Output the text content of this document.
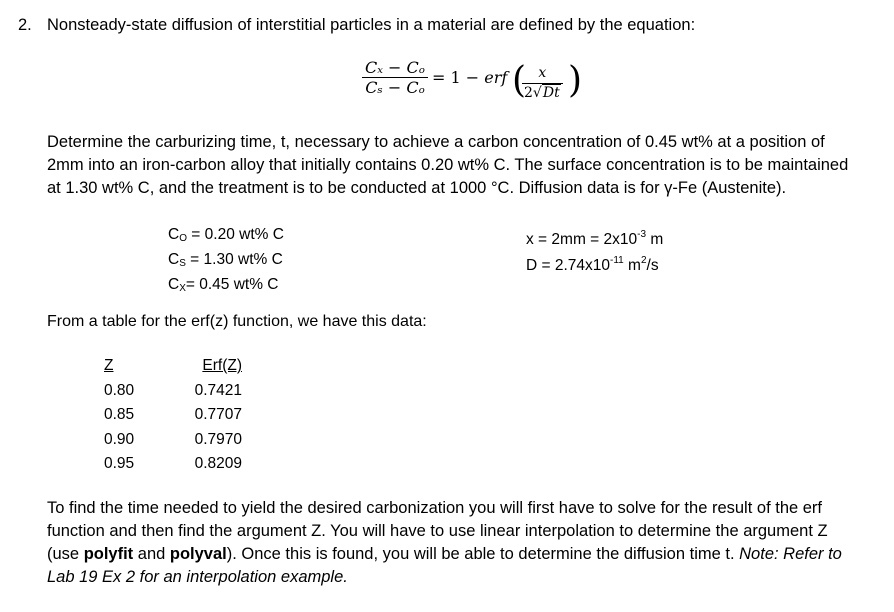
2. Nonsteady-state diffusion of interstitial particles in a material are defined by the equation:
Cₓ − Cₒ
Cₛ − Cₒ
= 1 − erf ( x
2√Dt )
Determine the carburizing time, t, necessary to achieve a carbon concentration of 0.45 wt% at a position of
2mm into an iron-carbon alloy that initially contains 0.20 wt% C. The surface concentration is to be maintained
at 1.30 wt% C, and the treatment is to be conducted at 1000 °C. Diffusion data is for γ-Fe (Austenite).
$C_O = 0.20$ wt% C
$C_S = 1.30$ wt% C
$C_X= 0.45$ wt% C
$x = 2mm = 2x10^{-3}$ m
$D = 2.74x10^{-11}$ $m^2/s$
From a table for the erf(z) function, we have this data:
Z	Erf(Z)
0.80	0.7421
0.85	0.7707
0.90	0.7970
0.95	0.8209
To find the time needed to yield the desired carbonization you will first have to solve for the result of the erf
function and then find the argument Z. You will have to use linear interpolation to determine the argument Z
(use polyfit and polyval). Once this is found, you will be able to determine the diffusion time t. Note: Refer to
Lab 19 Ex 2 for an interpolation example.
